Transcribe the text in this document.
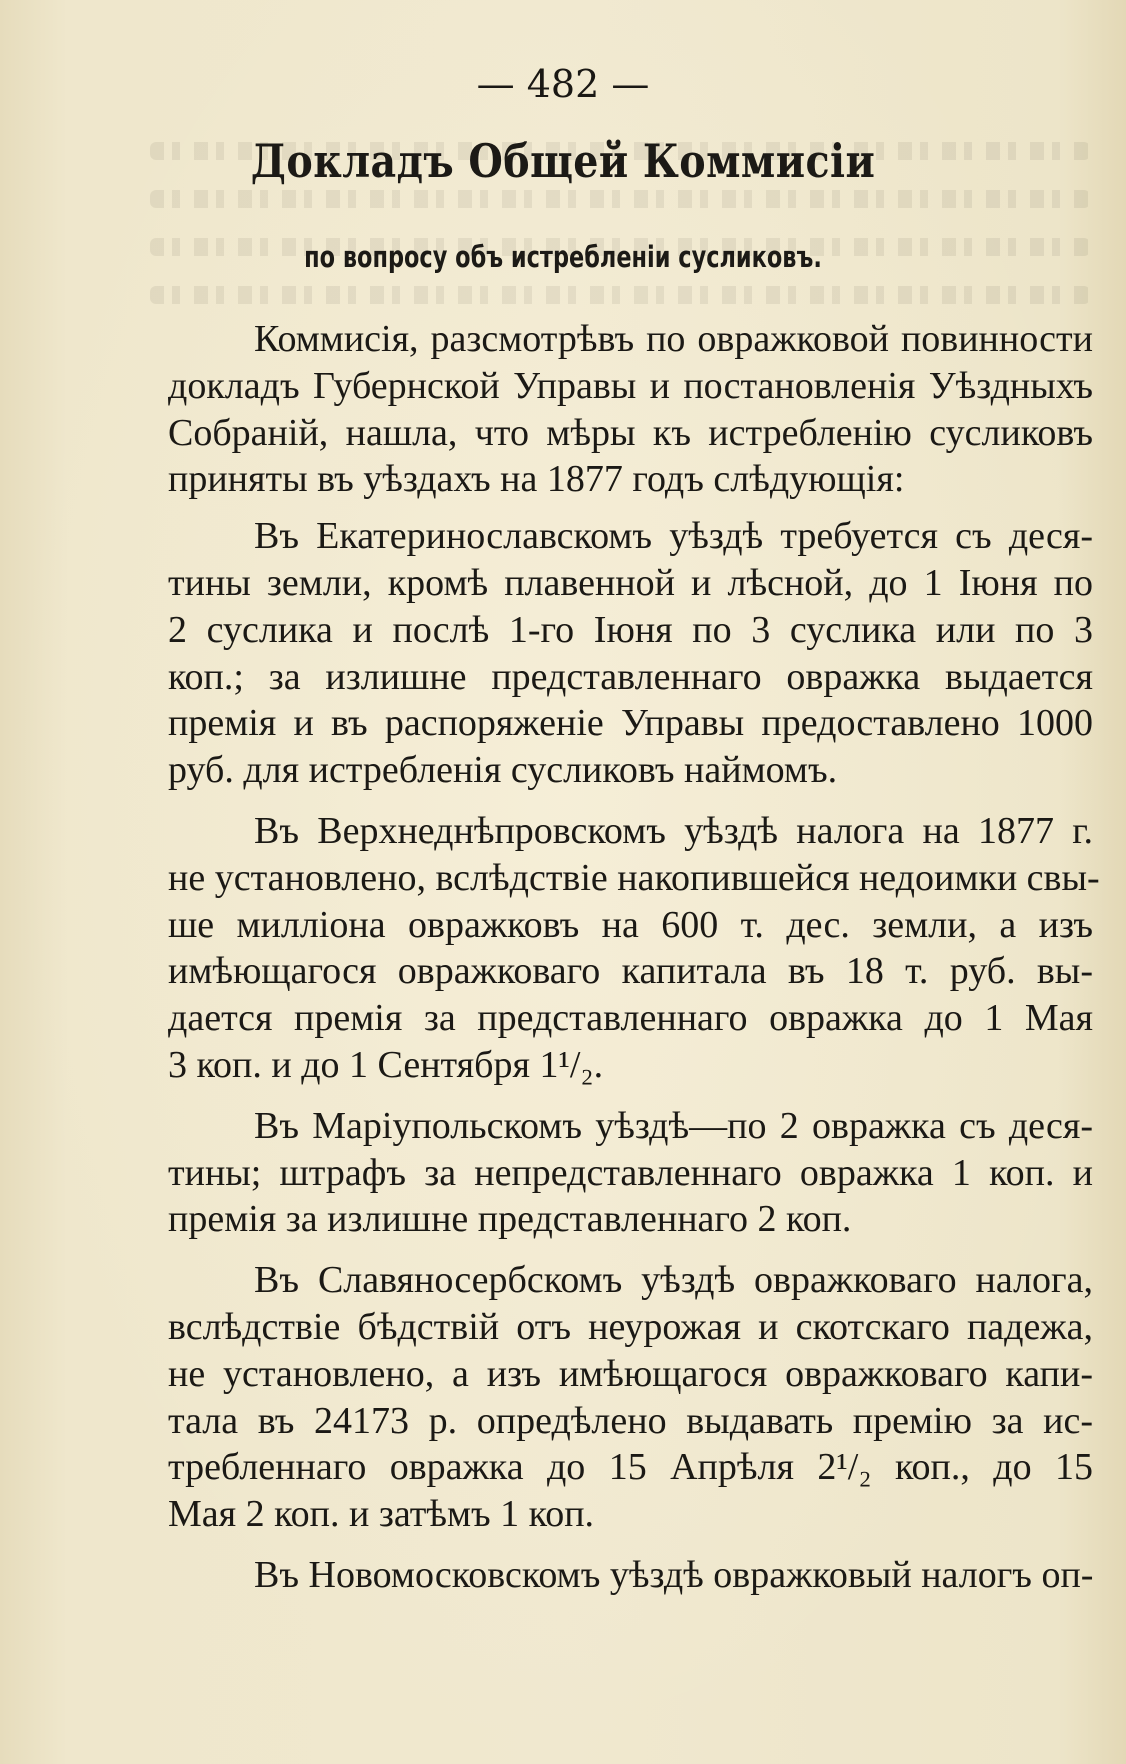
— 482 —
Докладъ Общей Коммисіи
по вопросу объ истребленіи сусликовъ.
Коммисія, разсмотрѣвъ по овражковой повинности
докладъ Губернской Управы и постановленія Уѣздныхъ
Собраній, нашла, что мѣры къ истребленію сусликовъ
приняты въ уѣздахъ на 1877 годъ слѣдующія:
Въ Екатеринославскомъ уѣздѣ требуется съ деся-
тины земли, кромѣ плавенной и лѣсной, до 1 Іюня по
2 суслика и послѣ 1-го Іюня по 3 суслика или по 3
коп.; за излишне представленнаго овражка выдается
премія и въ распоряженіе Управы предоставлено 1000
руб. для истребленія сусликовъ наймомъ.
Въ Верхнеднѣпровскомъ уѣздѣ налога на 1877 г.
не установлено, вслѣдствіе накопившейся недоимки свы-
ше милліона овражковъ на 600 т. дес. земли, а изъ
имѣющагося овражковаго капитала въ 18 т. руб. вы-
дается премія за представленнаго овражка до 1 Мая
3 коп. и до 1 Сентября 1¹/₂.
Въ Маріупольскомъ уѣздѣ—по 2 овражка съ деся-
тины; штрафъ за непредставленнаго овражка 1 коп. и
премія за излишне представленнаго 2 коп.
Въ Славяносербскомъ уѣздѣ овражковаго налога,
вслѣдствіе бѣдствій отъ неурожая и скотскаго падежа,
не установлено, а изъ имѣющагося овражковаго капи-
тала въ 24173 р. опредѣлено выдавать премію за ис-
требленнаго овражка до 15 Апрѣля 2¹/₂ коп., до 15
Мая 2 коп. и затѣмъ 1 коп.
Въ Новомосковскомъ уѣздѣ овражковый налогъ оп-
